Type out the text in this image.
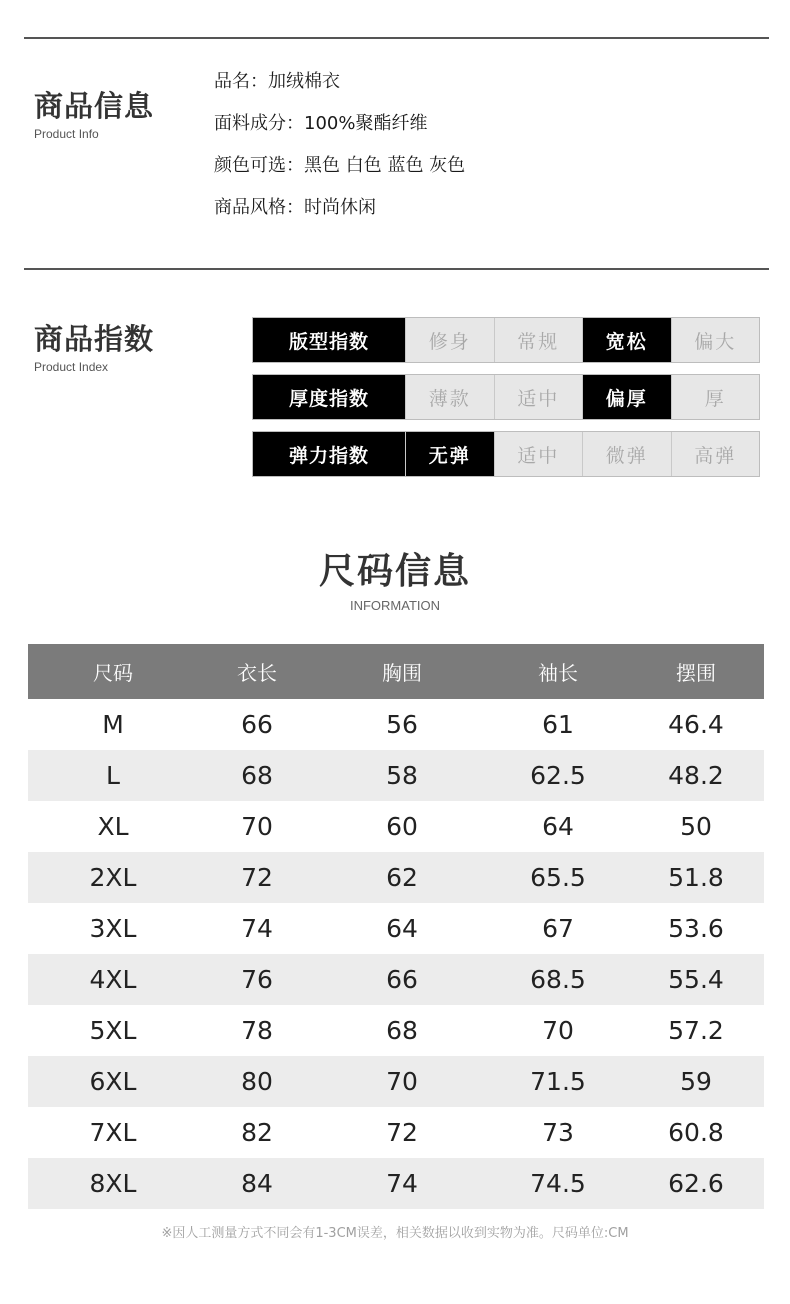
商品信息
Product Info
品名：加绒棉衣
面料成分：100%聚酯纤维
颜色可选：黑色 白色 蓝色 灰色
商品风格：时尚休闲
商品指数
Product Index
版型指数	修身	常规	宽松	偏大
厚度指数	薄款	适中	偏厚	厚
弹力指数	无弹	适中	微弹	高弹
尺码信息
INFORMATION
尺码	衣长	胸围	袖长	摆围
M	66	56	61	46.4
L	68	58	62.5	48.2
XL	70	60	64	50
2XL	72	62	65.5	51.8
3XL	74	64	67	53.6
4XL	76	66	68.5	55.4
5XL	78	68	70	57.2
6XL	80	70	71.5	59
7XL	82	72	73	60.8
8XL	84	74	74.5	62.6
※因人工测量方式不同会有1-3CM误差，相关数据以收到实物为准。尺码单位:CM
